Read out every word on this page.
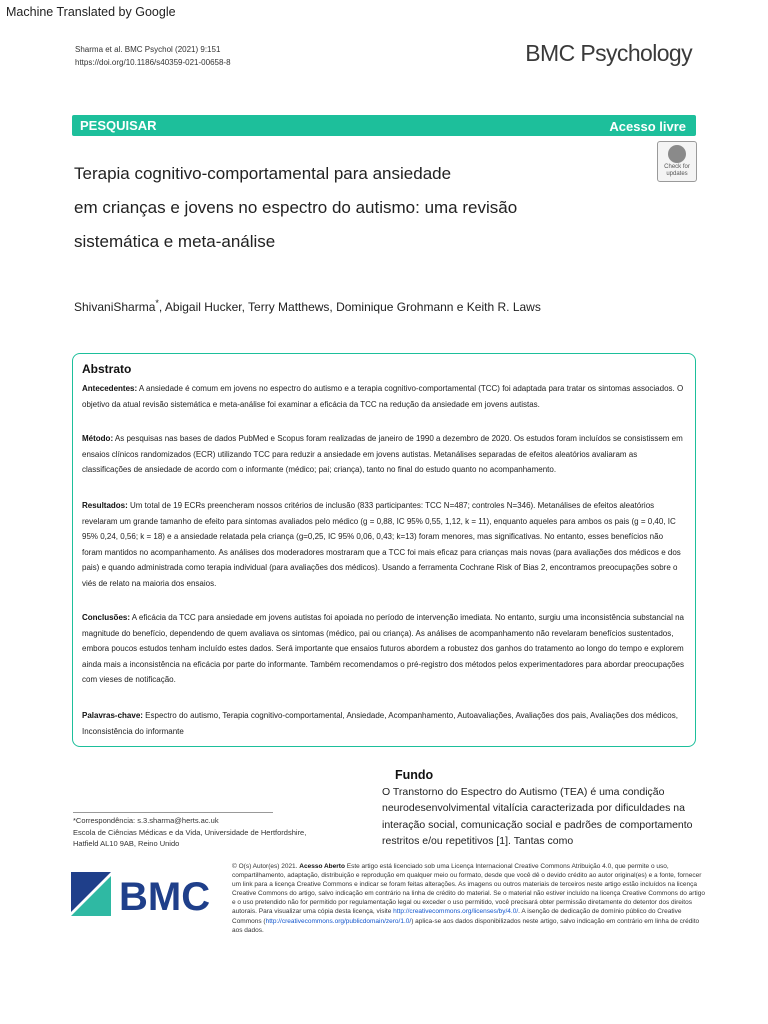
Machine Translated by Google
Sharma et al. BMC Psychol (2021) 9:151
https://doi.org/10.1186/s40359-021-00658-8	BMC Psychology
PESQUISAR	Acesso livre
Check for
updates
Terapia cognitivo-comportamental para ansiedade
em crianças e jovens no espectro do autismo: uma revisão
sistemática e meta-análise
ShivaniSharma*, Abigail Hucker, Terry Matthews, Dominique Grohmann e Keith R. Laws
Abstrato
Antecedentes: A ansiedade é comum em jovens no espectro do autismo e a terapia cognitivo-comportamental (TCC) foi adaptada para tratar os sintomas associados. O objetivo da atual revisão sistemática e meta-análise foi examinar a eficácia da TCC na redução da ansiedade em jovens autistas.
Método: As pesquisas nas bases de dados PubMed e Scopus foram realizadas de janeiro de 1990 a dezembro de 2020. Os estudos foram incluídos se consistissem em ensaios clínicos randomizados (ECR) utilizando TCC para reduzir a ansiedade em jovens autistas. Metanálises separadas de efeitos aleatórios avaliaram as classificações de ansiedade de acordo com o informante (médico; pai; criança), tanto no final do estudo quanto no acompanhamento.
Resultados: Um total de 19 ECRs preencheram nossos critérios de inclusão (833 participantes: TCC N=487; controles N=346). Metanálises de efeitos aleatórios revelaram um grande tamanho de efeito para sintomas avaliados pelo médico (g = 0,88, IC 95% 0,55, 1,12, k = 11), enquanto aqueles para ambos os pais (g = 0,40, IC 95% 0,24, 0,56; k = 18) e a ansiedade relatada pela criança (g=0,25, IC 95% 0,06, 0,43; k=13) foram menores, mas significativas. No entanto, esses benefícios não foram mantidos no acompanhamento. As análises dos moderadores mostraram que a TCC foi mais eficaz para crianças mais novas (para avaliações dos médicos e dos pais) e quando administrada como terapia individual (para avaliações dos médicos). Usando a ferramenta Cochrane Risk of Bias 2, encontramos preocupações sobre o viés de relato na maioria dos ensaios.
Conclusões: A eficácia da TCC para ansiedade em jovens autistas foi apoiada no período de intervenção imediata. No entanto, surgiu uma inconsistência substancial na magnitude do benefício, dependendo de quem avaliava os sintomas (médico, pai ou criança). As análises de acompanhamento não revelaram benefícios sustentados, embora poucos estudos tenham incluído estes dados. Será importante que ensaios futuros abordem a robustez dos ganhos do tratamento ao longo do tempo e explorem ainda mais a inconsistência na eficácia por parte do informante. Também recomendamos o pré-registro dos métodos pelos experimentadores para abordar preocupações com vieses de notificação.
Palavras-chave: Espectro do autismo, Terapia cognitivo-comportamental, Ansiedade, Acompanhamento, Autoavaliações, Avaliações dos pais, Avaliações dos médicos, Inconsistência do informante
Fundo
O Transtorno do Espectro do Autismo (TEA) é uma condição neurodesenvolvimental vitalícia caracterizada por dificuldades na interação social, comunicação social e padrões de comportamento restritos e/ou repetitivos [1]. Tantas como
*Correspondência: s.3.sharma@herts.ac.uk
Escola de Ciências Médicas e da Vida, Universidade de Hertfordshire,
Hatfield AL10 9AB, Reino Unido
BMC
© O(s) Autor(es) 2021. Acesso Aberto Este artigo está licenciado sob uma Licença Internacional Creative Commons Atribuição 4.0, que permite o uso, compartilhamento, adaptação, distribuição e reprodução em qualquer meio ou formato, desde que você dê o devido crédito ao autor original(es) e a fonte, fornecer um link para a licença Creative Commons e indicar se foram feitas alterações. As imagens ou outros materiais de terceiros neste artigo estão incluídos na licença Creative Commons do artigo, salvo indicação em contrário na linha de crédito do material. Se o material não estiver incluído na licença Creative Commons do artigo e o uso pretendido não for permitido por regulamentação legal ou exceder o uso permitido, você precisará obter permissão diretamente do detentor dos direitos autorais. Para visualizar uma cópia desta licença, visite http://creativecommons.org/licenses/by/4.0/. A isenção de dedicação de domínio público do Creative Commons (http://creativecommons.org/publicdomain/zero/1.0/) aplica-se aos dados disponibilizados neste artigo, salvo indicação em contrário em linha de crédito aos dados.
